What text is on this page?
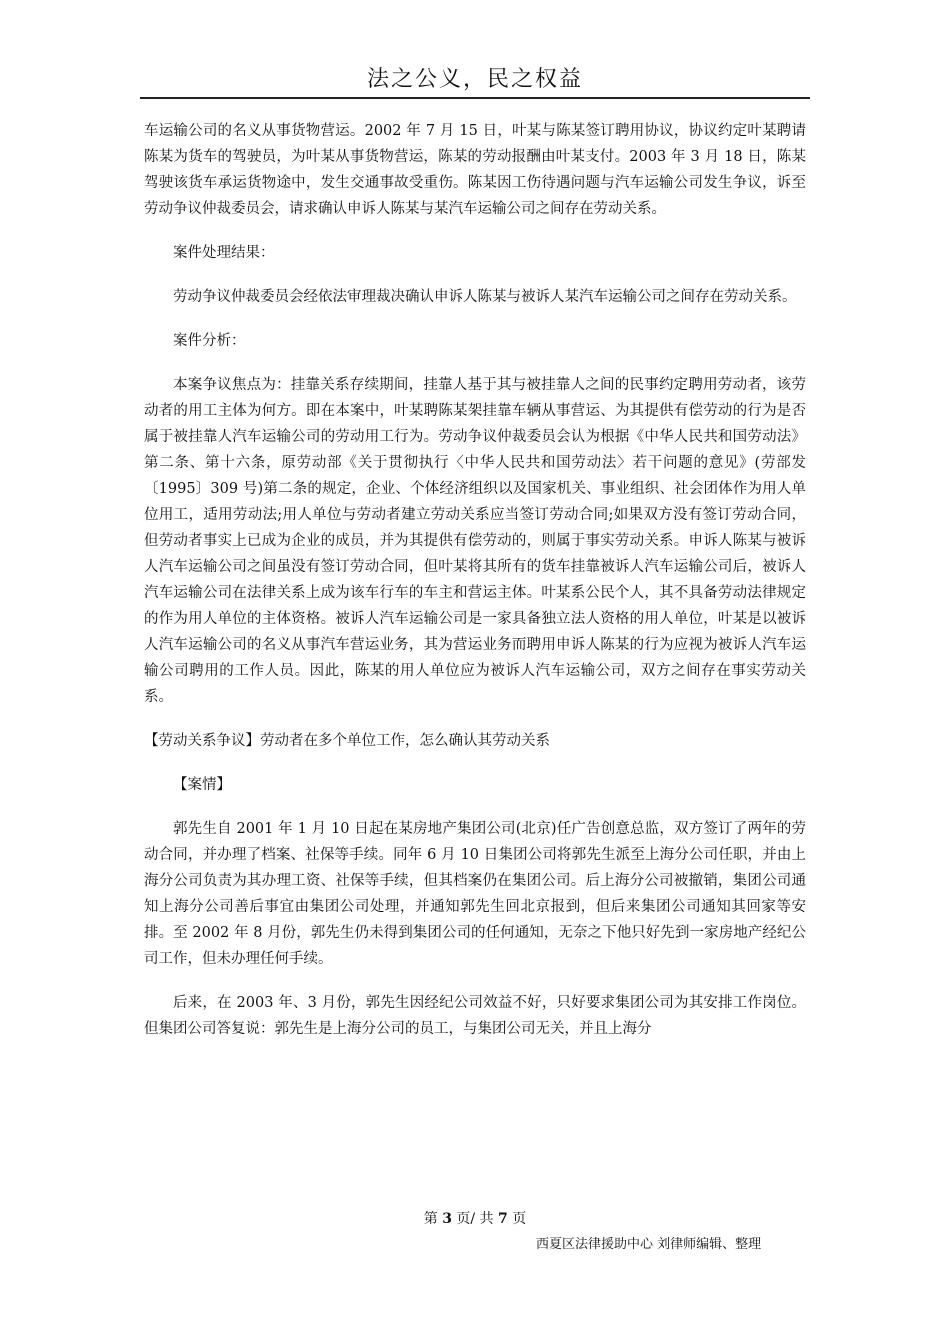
法之公义，民之权益

车运输公司的名义从事货物营运。2002 年 7 月 15 日，叶某与陈某签订聘用协议，协议约定叶某聘请陈某为货车的驾驶员，为叶某从事货物营运，陈某的劳动报酬由叶某支付。2003 年 3 月 18 日，陈某驾驶该货车承运货物途中，发生交通事故受重伤。陈某因工伤待遇问题与汽车运输公司发生争议，诉至劳动争议仲裁委员会，请求确认申诉人陈某与某汽车运输公司之间存在劳动关系。

案件处理结果：

劳动争议仲裁委员会经依法审理裁决确认申诉人陈某与被诉人某汽车运输公司之间存在劳动关系。

案件分析：

本案争议焦点为：挂靠关系存续期间，挂靠人基于其与被挂靠人之间的民事约定聘用劳动者，该劳动者的用工主体为何方。即在本案中，叶某聘陈某架挂靠车辆从事营运、为其提供有偿劳动的行为是否属于被挂靠人汽车运输公司的劳动用工行为。劳动争议仲裁委员会认为根据《中华人民共和国劳动法》第二条、第十六条，原劳动部《关于贯彻执行〈中华人民共和国劳动法〉若干问题的意见》(劳部发〔1995〕309 号)第二条的规定，企业、个体经济组织以及国家机关、事业组织、社会团体作为用人单位用工，适用劳动法;用人单位与劳动者建立劳动关系应当签订劳动合同;如果双方没有签订劳动合同，但劳动者事实上已成为企业的成员，并为其提供有偿劳动的，则属于事实劳动关系。申诉人陈某与被诉人汽车运输公司之间虽没有签订劳动合同，但叶某将其所有的货车挂靠被诉人汽车运输公司后，被诉人汽车运输公司在法律关系上成为该车行车的车主和营运主体。叶某系公民个人，其不具备劳动法律规定的作为用人单位的主体资格。被诉人汽车运输公司是一家具备独立法人资格的用人单位，叶某是以被诉人汽车运输公司的名义从事汽车营运业务，其为营运业务而聘用申诉人陈某的行为应视为被诉人汽车运输公司聘用的工作人员。因此，陈某的用人单位应为被诉人汽车运输公司，双方之间存在事实劳动关系。

【劳动关系争议】劳动者在多个单位工作，怎么确认其劳动关系

【案情】

郭先生自 2001 年 1 月 10 日起在某房地产集团公司(北京)任广告创意总监，双方签订了两年的劳动合同，并办理了档案、社保等手续。同年 6 月 10 日集团公司将郭先生派至上海分公司任职，并由上海分公司负责为其办理工资、社保等手续，但其档案仍在集团公司。后上海分公司被撤销，集团公司通知上海分公司善后事宜由集团公司处理，并通知郭先生回北京报到，但后来集团公司通知其回家等安排。至 2002 年 8 月份，郭先生仍未得到集团公司的任何通知，无奈之下他只好先到一家房地产经纪公司工作，但未办理任何手续。

后来，在 2003 年、3 月份，郭先生因经纪公司效益不好，只好要求集团公司为其安排工作岗位。但集团公司答复说：郭先生是上海分公司的员工，与集团公司无关，并且上海分

第 3 页/ 共 7 页
西夏区法律援助中心 刘律师编辑、整理
